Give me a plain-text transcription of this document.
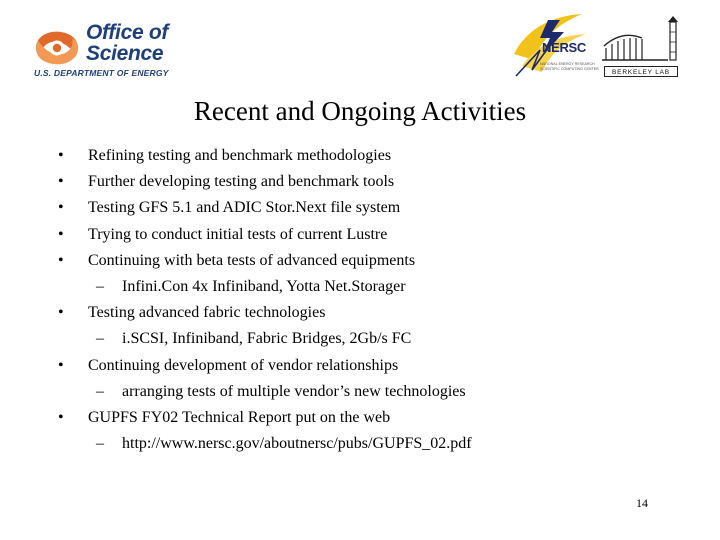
Office of
Science
U.S. DEPARTMENT OF ENERGY
NERSC
NATIONAL ENERGY RESEARCH SCIENTIFIC COMPUTING CENTER	BERKELEY LAB
Recent and Ongoing Activities
•	Refining testing and benchmark methodologies
•	Further developing testing and benchmark tools
•	Testing GFS 5.1 and ADIC Stor.Next file system
•	Trying to conduct initial tests of current Lustre
•	Continuing with beta tests of advanced equipments
– Infini.Con 4x Infiniband, Yotta Net.Storager
•	Testing advanced fabric technologies
– i.SCSI, Infiniband, Fabric Bridges, 2Gb/s FC
•	Continuing development of vendor relationships
– arranging tests of multiple vendor’s new technologies
•	GUPFS FY02 Technical Report put on the web
– http://www.nersc.gov/aboutnersc/pubs/GUPFS_02.pdf
14
